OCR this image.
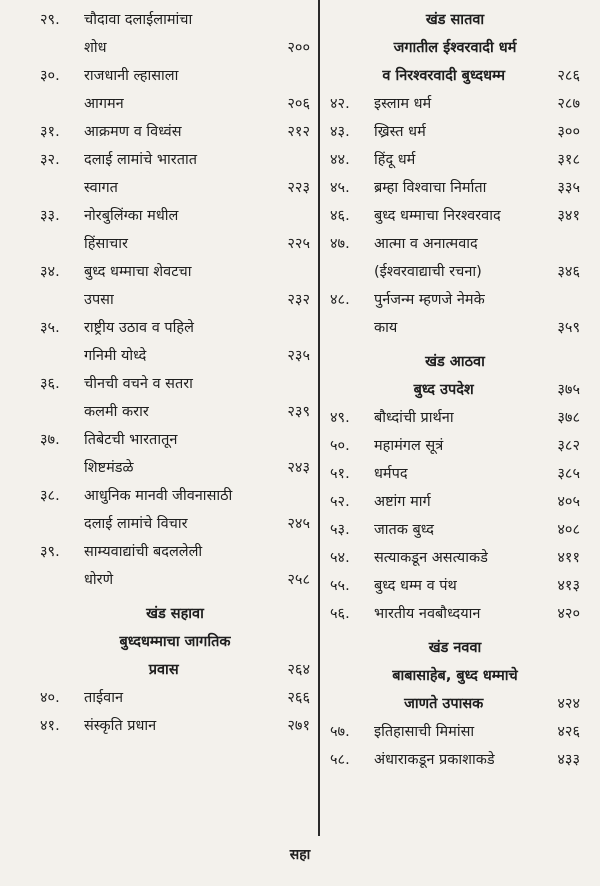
२९.	चौदावा दलाईलामांचा
शोध	२००
३०.	राजधानी ल्हासाला
आगमन	२०६
३१.	आक्रमण व विध्वंस	२१२
३२.	दलाई लामांचे भारतात
स्वागत	२२३
३३.	नोरबुलिंग्का मधील
हिंसाचार	२२५
३४.	बुध्द धम्माचा शेवटचा
उपसा	२३२
३५.	राष्ट्रीय उठाव व पहिले
गनिमी योध्दे	२३५
३६.	चीनची वचने व सतरा
कलमी करार	२३९
३७.	तिबेटची भारतातून
शिष्टमंडळे	२४३
३८.	आधुनिक मानवी जीवनासाठी
दलाई लामांचे विचार	२४५
३९.	साम्यवाद्यांची बदललेली
धोरणे	२५८
खंड सहावा
बुध्दधम्माचा जागतिक
प्रवास	२६४
४०.	ताईवान	२६६
४१.	संस्कृति प्रधान	२७१
खंड सातवा
जगातील ईश्वरवादी धर्म
व निरश्वरवादी बुध्दधम्म	२८६
४२.	इस्लाम धर्म	२८७
४३.	ख्रिस्त धर्म	३००
४४.	हिंदू धर्म	३१८
४५.	ब्रम्हा विश्वाचा निर्माता	३३५
४६.	बुध्द धम्माचा निरश्वरवाद	३४१
४७.	आत्मा व अनात्मवाद
(ईश्वरवाद्याची रचना)	३४६
४८.	पुर्नजन्म म्हणजे नेमके
काय	३५९
खंड आठवा
बुध्द उपदेश	३७५
४९.	बौध्दांची प्रार्थना	३७८
५०.	महामंगल सूत्रं	३८२
५१.	धर्मपद	३८५
५२.	अष्टांग मार्ग	४०५
५३.	जातक बुध्द	४०८
५४.	सत्याकडून असत्याकडे	४११
५५.	बुध्द धम्म व पंथ	४१३
५६.	भारतीय नवबौध्दयान	४२०
खंड नववा
बाबासाहेब, बुध्द धम्माचे
जाणते उपासक	४२४
५७.	इतिहासाची मिमांसा	४२६
५८.	अंधाराकडून प्रकाशाकडे	४३३
सहा
